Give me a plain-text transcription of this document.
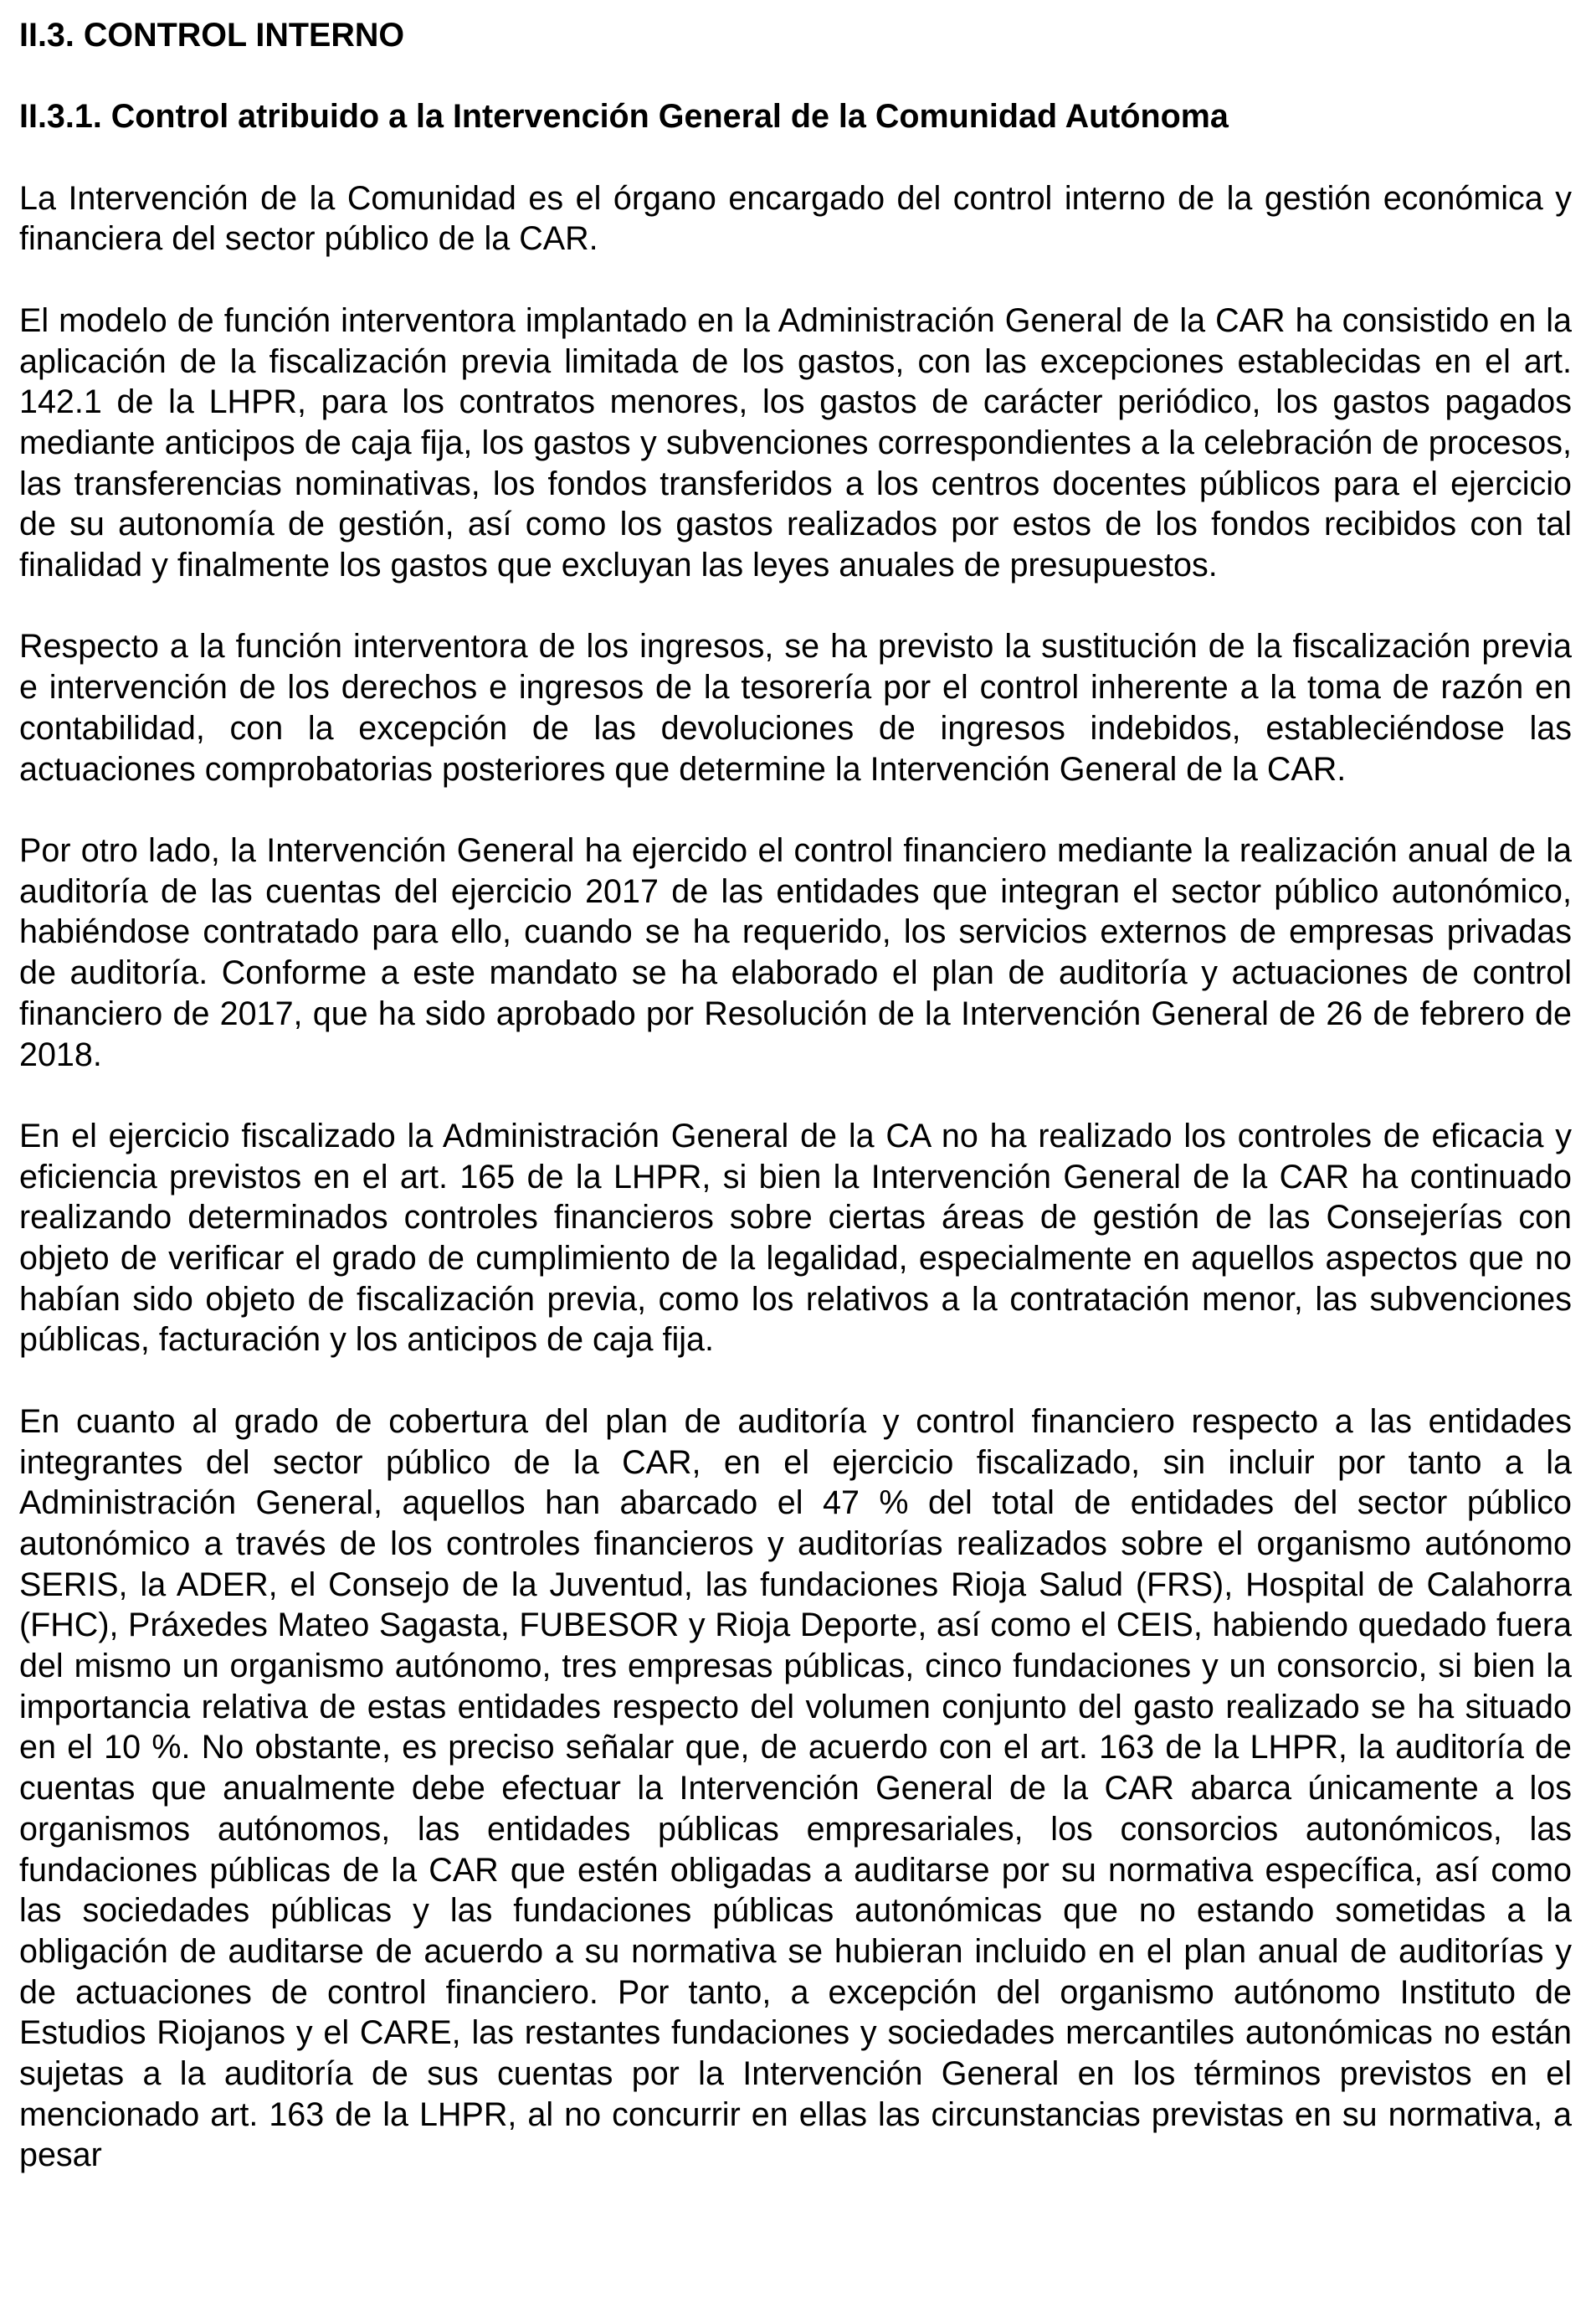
II.3. CONTROL INTERNO

II.3.1. Control atribuido a la Intervención General de la Comunidad Autónoma

La Intervención de la Comunidad es el órgano encargado del control interno de la gestión económica y financiera del sector público de la CAR.

El modelo de función interventora implantado en la Administración General de la CAR ha consistido en la aplicación de la fiscalización previa limitada de los gastos, con las excepciones establecidas en el art. 142.1 de la LHPR, para los contratos menores, los gastos de carácter periódico, los gastos pagados mediante anticipos de caja fija, los gastos y subvenciones correspondientes a la celebración de procesos, las transferencias nominativas, los fondos transferidos a los centros docentes públicos para el ejercicio de su autonomía de gestión, así como los gastos realizados por estos de los fondos recibidos con tal finalidad y finalmente los gastos que excluyan las leyes anuales de presupuestos.

Respecto a la función interventora de los ingresos, se ha previsto la sustitución de la fiscalización previa e intervención de los derechos e ingresos de la tesorería por el control inherente a la toma de razón en contabilidad, con la excepción de las devoluciones de ingresos indebidos, estableciéndose las actuaciones comprobatorias posteriores que determine la Intervención General de la CAR.

Por otro lado, la Intervención General ha ejercido el control financiero mediante la realización anual de la auditoría de las cuentas del ejercicio 2017 de las entidades que integran el sector público autonómico, habiéndose contratado para ello, cuando se ha requerido, los servicios externos de empresas privadas de auditoría. Conforme a este mandato se ha elaborado el plan de auditoría y actuaciones de control financiero de 2017, que ha sido aprobado por Resolución de la Intervención General de 26 de febrero de 2018.

En el ejercicio fiscalizado la Administración General de la CA no ha realizado los controles de eficacia y eficiencia previstos en el art. 165 de la LHPR, si bien la Intervención General de la CAR ha continuado realizando determinados controles financieros sobre ciertas áreas de gestión de las Consejerías con objeto de verificar el grado de cumplimiento de la legalidad, especialmente en aquellos aspectos que no habían sido objeto de fiscalización previa, como los relativos a la contratación menor, las subvenciones públicas, facturación y los anticipos de caja fija.

En cuanto al grado de cobertura del plan de auditoría y control financiero respecto a las entidades integrantes del sector público de la CAR, en el ejercicio fiscalizado, sin incluir por tanto a la Administración General, aquellos han abarcado el 47 % del total de entidades del sector público autonómico a través de los controles financieros y auditorías realizados sobre el organismo autónomo SERIS, la ADER, el Consejo de la Juventud, las fundaciones Rioja Salud (FRS), Hospital de Calahorra (FHC), Práxedes Mateo Sagasta, FUBESOR y Rioja Deporte, así como el CEIS, habiendo quedado fuera del mismo un organismo autónomo, tres empresas públicas, cinco fundaciones y un consorcio, si bien la importancia relativa de estas entidades respecto del volumen conjunto del gasto realizado se ha situado en el 10 %. No obstante, es preciso señalar que, de acuerdo con el art. 163 de la LHPR, la auditoría de cuentas que anualmente debe efectuar la Intervención General de la CAR abarca únicamente a los organismos autónomos, las entidades públicas empresariales, los consorcios autonómicos, las fundaciones públicas de la CAR que estén obligadas a auditarse por su normativa específica, así como las sociedades públicas y las fundaciones públicas autonómicas que no estando sometidas a la obligación de auditarse de acuerdo a su normativa se hubieran incluido en el plan anual de auditorías y de actuaciones de control financiero. Por tanto, a excepción del organismo autónomo Instituto de Estudios Riojanos y el CARE, las restantes fundaciones y sociedades mercantiles autonómicas no están sujetas a la auditoría de sus cuentas por la Intervención General en los términos previstos en el mencionado art. 163 de la LHPR, al no concurrir en ellas las circunstancias previstas en su normativa, a pesar
